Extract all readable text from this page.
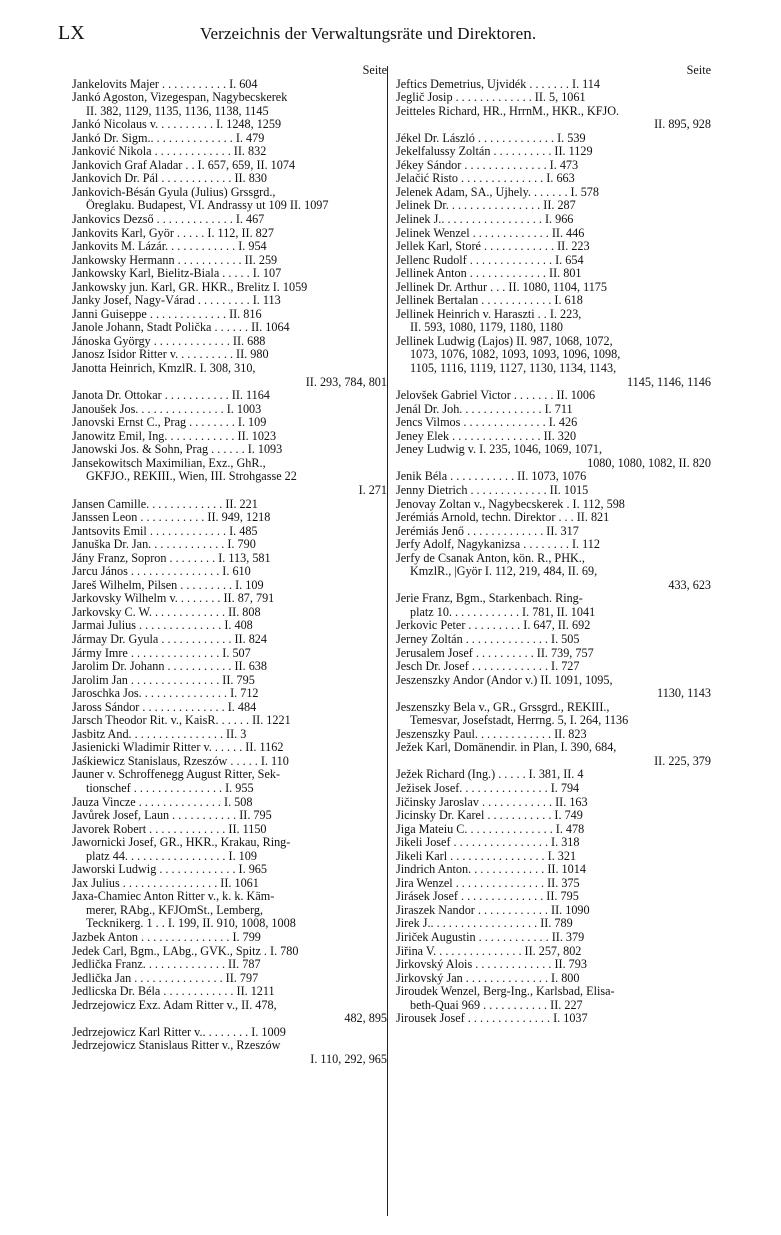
LX	Verzeichnis der Verwaltungsräte und Direktoren.
Seite
Jankelovits Majer . . . . . . . . . . . I. 604
Jankó Agoston, Vizegespan, Nagybecskerek
II. 382, 1129, 1135, 1136, 1138, 1145
Jankó Nicolaus v. . . . . . . . . . I. 1248, 1259
Jankó Dr. Sigm.. . . . . . . . . . . . . . I. 479
Janković Nikola . . . . . . . . . . . . . II. 832
Jankovich Graf Aladar . . I. 657, 659, II. 1074
Jankovich Dr. Pál . . . . . . . . . . . . II. 830
Jankovich-Bésán Gyula (Julius) Grssgrd.,
Öreglaku. Budapest, VI. Andrassy ut 109 II. 1097
Jankovics Dezső . . . . . . . . . . . . . I. 467
Jankovits Karl, Györ . . . . . I. 112, II. 827
Jankovits M. Lázár. . . . . . . . . . . . I. 954
Jankowsky Hermann . . . . . . . . . . . II. 259
Jankowsky Karl, Bielitz-Biala . . . . . I. 107
Jankowsky jun. Karl, GR. HKR., Brelitz I. 1059
Janky Josef, Nagy-Várad . . . . . . . . . I. 113
Janni Guiseppe . . . . . . . . . . . . . II. 816
Janole Johann, Stadt Polička . . . . . . II. 1064
Jánoska György . . . . . . . . . . . . . II. 688
Janosz Isidor Ritter v. . . . . . . . . . II. 980
Janotta Heinrich, KmzlR. I. 308, 310,
II. 293, 784, 801
Janota Dr. Ottokar . . . . . . . . . . . II. 1164
Janoušek Jos. . . . . . . . . . . . . . . I. 1003
Janovski Ernst C., Prag . . . . . . . . I. 109
Janowitz Emil, Ing. . . . . . . . . . . . II. 1023
Janowski Jos. & Sohn, Prag . . . . . . I. 1093
Jansekowitsch Maximilian, Exz., GhR.,
GKFJO., REKIII., Wien, III. Strohgasse 22
I. 271
Jansen Camille. . . . . . . . . . . . . II. 221
Janssen Leon . . . . . . . . . . . II. 949, 1218
Jantsovits Emil . . . . . . . . . . . . . I. 485
Januška Dr. Jan. . . . . . . . . . . . . I. 790
Jány Franz, Sopron . . . . . . . . I. 113, 581
Jarcu János . . . . . . . . . . . . . . . I. 610
Jareš Wilhelm, Pilsen . . . . . . . . . I. 109
Jarkovsky Wilhelm v. . . . . . . . II. 87, 791
Jarkovsky C. W. . . . . . . . . . . . . II. 808
Jarmai Julius . . . . . . . . . . . . . . I. 408
Jármay Dr. Gyula . . . . . . . . . . . . II. 824
Jármy Imre . . . . . . . . . . . . . . . I. 507
Jarolim Dr. Johann . . . . . . . . . . . II. 638
Jarolim Jan . . . . . . . . . . . . . . . II. 795
Jaroschka Jos. . . . . . . . . . . . . . . I. 712
Jaross Sándor . . . . . . . . . . . . . . I. 484
Jarsch Theodor Rit. v., KaisR. . . . . . II. 1221
Jasbitz And. . . . . . . . . . . . . . . . II. 3
Jasienicki Wladimir Ritter v. . . . . . II. 1162
Jaśkiewicz Stanislaus, Rzeszów . . . . . I. 110
Jauner v. Schroffenegg August Ritter, Sek-
tionschef . . . . . . . . . . . . . . . I. 955
Jauza Vincze . . . . . . . . . . . . . . I. 508
Javůrek Josef, Laun . . . . . . . . . . . II. 795
Javorek Robert . . . . . . . . . . . . . II. 1150
Jawornicki Josef, GR., HKR., Krakau, Ring-
platz 44. . . . . . . . . . . . . . . . . I. 109
Jaworski Ludwig . . . . . . . . . . . . . I. 965
Jax Julius . . . . . . . . . . . . . . . . II. 1061
Jaxa-Chamiec Anton Ritter v., k. k. Käm-
merer, RAbg., KFJOmSt., Lemberg,
Tecknikerg. 1 . . I. 199, II. 910, 1008, 1008
Jazbek Anton . . . . . . . . . . . . . . . I. 799
Jedek Carl, Bgm., LAbg., GVK., Spitz . I. 780
Jedlička Franz. . . . . . . . . . . . . . II. 787
Jedlička Jan . . . . . . . . . . . . . . . II. 797
Jedlicska Dr. Béla . . . . . . . . . . . . II. 1211
Jedrzejowicz Exz. Adam Ritter v., II. 478,
482, 895
Jedrzejowicz Karl Ritter v.. . . . . . . . I. 1009
Jedrzejowicz Stanislaus Ritter v., Rzeszów
I. 110, 292, 965
Seite
Jeftics Demetrius, Ujvidék . . . . . . . I. 114
Jeglič Josip . . . . . . . . . . . . . II. 5, 1061
Jeitteles Richard, HR., HrrnM., HKR., KFJO.
II. 895, 928
Jékel Dr. László . . . . . . . . . . . . . I. 539
Jekelfalussy Zoltán . . . . . . . . . . II. 1129
Jékey Sándor . . . . . . . . . . . . . . I. 473
Jelačić Risto . . . . . . . . . . . . . . I. 663
Jelenek Adam, SA., Ujhely. . . . . . . I. 578
Jelinek Dr. . . . . . . . . . . . . . . . II. 287
Jelinek J.. . . . . . . . . . . . . . . . . I. 966
Jelinek Wenzel . . . . . . . . . . . . . II. 446
Jellek Karl, Storé . . . . . . . . . . . . II. 223
Jellenc Rudolf . . . . . . . . . . . . . . I. 654
Jellinek Anton . . . . . . . . . . . . . II. 801
Jellinek Dr. Arthur . . . II. 1080, 1104, 1175
Jellinek Bertalan . . . . . . . . . . . . I. 618
Jellinek Heinrich v. Haraszti . . I. 223,
II. 593, 1080, 1179, 1180, 1180
Jellinek Ludwig (Lajos) II. 987, 1068, 1072,
1073, 1076, 1082, 1093, 1093, 1096, 1098,
1105, 1116, 1119, 1127, 1130, 1134, 1143,
1145, 1146, 1146
Jelovšek Gabriel Victor . . . . . . . II. 1006
Jenál Dr. Joh. . . . . . . . . . . . . . I. 711
Jencs Vilmos . . . . . . . . . . . . . . I. 426
Jeney Elek . . . . . . . . . . . . . . . II. 320
Jeney Ludwig v. I. 235, 1046, 1069, 1071,
1080, 1080, 1082, II. 820
Jenik Béla . . . . . . . . . . . II. 1073, 1076
Jenny Dietrich . . . . . . . . . . . . . II. 1015
Jenovay Zoltan v., Nagybecskerek . I. 112, 598
Jerémiás Arnold, techn. Direktor . . . II. 821
Jerémiás Jenő . . . . . . . . . . . . . II. 317
Jerfy Adolf, Nagykanizsa . . . . . . . . I. 112
Jerfy de Csanak Anton, kön. R., PHK.,
KmzlR., |Györ I. 112, 219, 484, II. 69,
433, 623
Jerie Franz, Bgm., Starkenbach. Ring-
platz 10. . . . . . . . . . . . I. 781, II. 1041
Jerkovic Peter . . . . . . . . . I. 647, II. 692
Jerney Zoltán . . . . . . . . . . . . . . I. 505
Jerusalem Josef . . . . . . . . . . II. 739, 757
Jesch Dr. Josef . . . . . . . . . . . . . I. 727
Jeszenszky Andor (Andor v.) II. 1091, 1095,
1130, 1143
Jeszenszky Bela v., GR., Grssgrd., REKIII.,
Temesvar, Josefstadt, Herrng. 5, I. 264, 1136
Jeszenszky Paul. . . . . . . . . . . . . II. 823
Ježek Karl, Domänendir. in Plan, I. 390, 684,
II. 225, 379
Ježek Richard (Ing.) . . . . . I. 381, II. 4
Ježisek Josef. . . . . . . . . . . . . . . I. 794
Jičinsky Jaroslav . . . . . . . . . . . . II. 163
Jicinsky Dr. Karel . . . . . . . . . . . I. 749
Jiga Mateiu C. . . . . . . . . . . . . . . I. 478
Jikeli Josef . . . . . . . . . . . . . . . . I. 318
Jikeli Karl . . . . . . . . . . . . . . . . I. 321
Jindrich Anton. . . . . . . . . . . . . II. 1014
Jira Wenzel . . . . . . . . . . . . . . . II. 375
Jirásek Josef . . . . . . . . . . . . . . II. 795
Jiraszek Nandor . . . . . . . . . . . . II. 1090
Jirek J.. . . . . . . . . . . . . . . . . . II. 789
Jiriček Augustin . . . . . . . . . . . . II. 379
Jiřina V. . . . . . . . . . . . . . . II. 257, 802
Jirkovský Alois . . . . . . . . . . . . . II. 793
Jirkovský Jan . . . . . . . . . . . . . . I. 800
Jiroudek Wenzel, Berg-Ing., Karlsbad, Elisa-
beth-Quai 969 . . . . . . . . . . . II. 227
Jirousek Josef . . . . . . . . . . . . . . I. 1037
